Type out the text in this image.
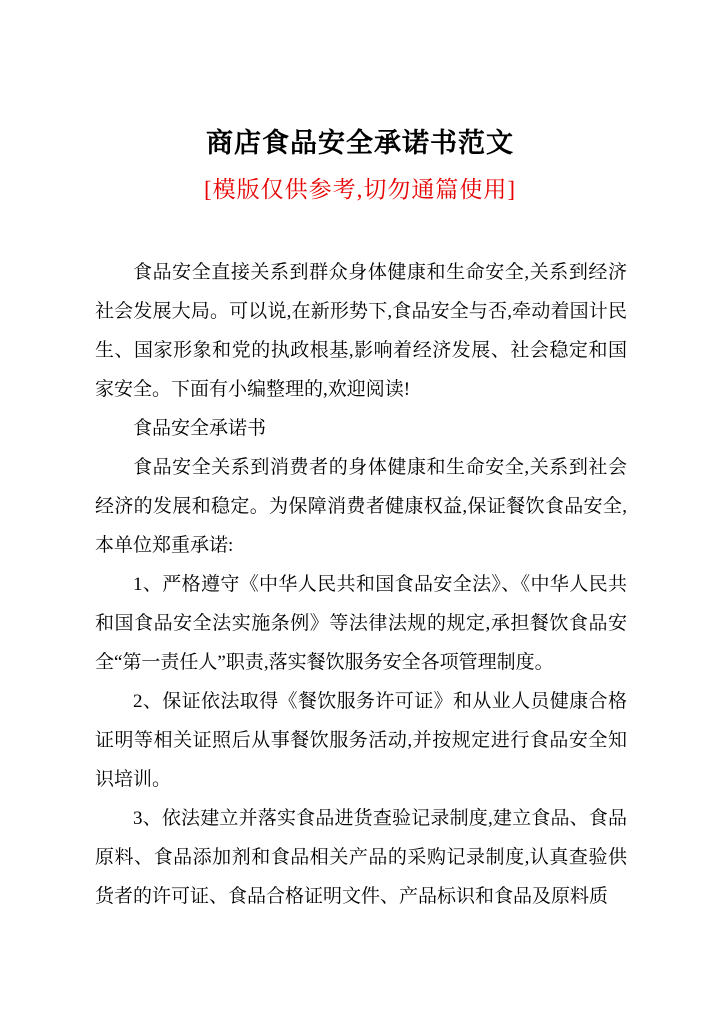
商店食品安全承诺书范文
[模版仅供参考,切勿通篇使用]

食品安全直接关系到群众身体健康和生命安全,关系到经济社会发展大局。可以说,在新形势下,食品安全与否,牵动着国计民生、国家形象和党的执政根基,影响着经济发展、社会稳定和国家安全。下面有小编整理的,欢迎阅读!

食品安全承诺书

食品安全关系到消费者的身体健康和生命安全,关系到社会经济的发展和稳定。为保障消费者健康权益,保证餐饮食品安全,本单位郑重承诺:

1、严格遵守《中华人民共和国食品安全法》、《中华人民共和国食品安全法实施条例》等法律法规的规定,承担餐饮食品安全“第一责任人”职责,落实餐饮服务安全各项管理制度。

2、保证依法取得《餐饮服务许可证》和从业人员健康合格证明等相关证照后从事餐饮服务活动,并按规定进行食品安全知识培训。

3、依法建立并落实食品进货查验记录制度,建立食品、食品原料、食品添加剂和食品相关产品的采购记录制度,认真查验供货者的许可证、食品合格证明文件、产品标识和食品及原料质
